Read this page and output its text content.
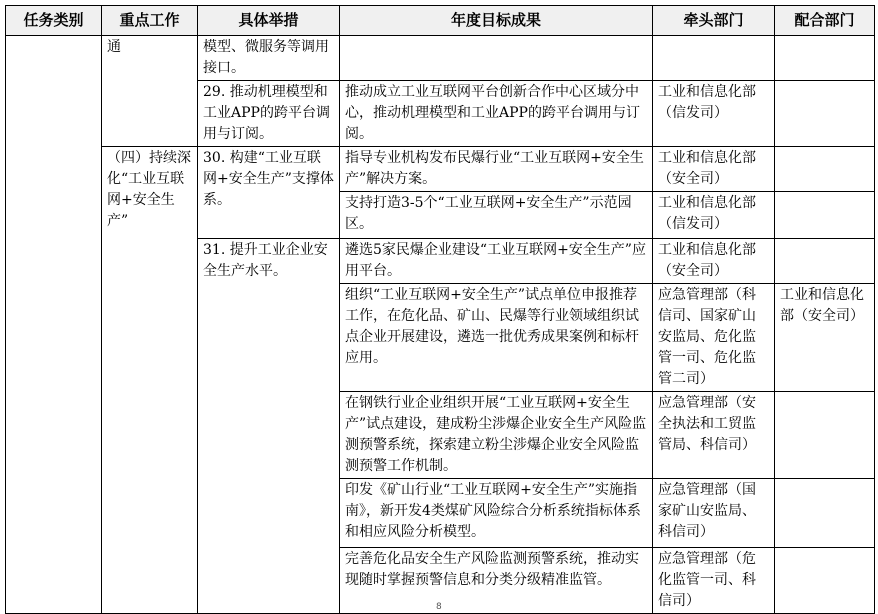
任务类别	重点工作	具体举措	年度目标成果	牵头部门	配合部门
	通	模型、微服务等调用接口。			
		29. 推动机理模型和工业APP的跨平台调用与订阅。	推动成立工业互联网平台创新合作中心区域分中心，推动机理模型和工业APP的跨平台调用与订阅。	工业和信息化部（信发司）	
	（四）持续深化“工业互联网+安全生产”	30. 构建“工业互联网+安全生产”支撑体系。	指导专业机构发布民爆行业“工业互联网+安全生产”解决方案。	工业和信息化部（安全司）	
			支持打造3-5个“工业互联网+安全生产”示范园区。	工业和信息化部（信发司）	
		31. 提升工业企业安全生产水平。	遴选5家民爆企业建设“工业互联网+安全生产”应用平台。	工业和信息化部（安全司）	
			组织“工业互联网+安全生产”试点单位申报推荐工作，在危化品、矿山、民爆等行业领域组织试点企业开展建设，遴选一批优秀成果案例和标杆应用。	应急管理部（科信司、国家矿山安监局、危化监管一司、危化监管二司）	工业和信息化部（安全司）
			在钢铁行业企业组织开展“工业互联网+安全生产”试点建设，建成粉尘涉爆企业安全生产风险监测预警系统，探索建立粉尘涉爆企业安全风险监测预警工作机制。	应急管理部（安全执法和工贸监管局、科信司）	
			印发《矿山行业“工业互联网+安全生产”实施指南》，新开发4类煤矿风险综合分析系统指标体系和相应风险分析模型。	应急管理部（国家矿山安监局、科信司）	
			完善危化品安全生产风险监测预警系统，推动实现随时掌握预警信息和分类分级精准监管。	应急管理部（危化监管一司、科信司）	
8
